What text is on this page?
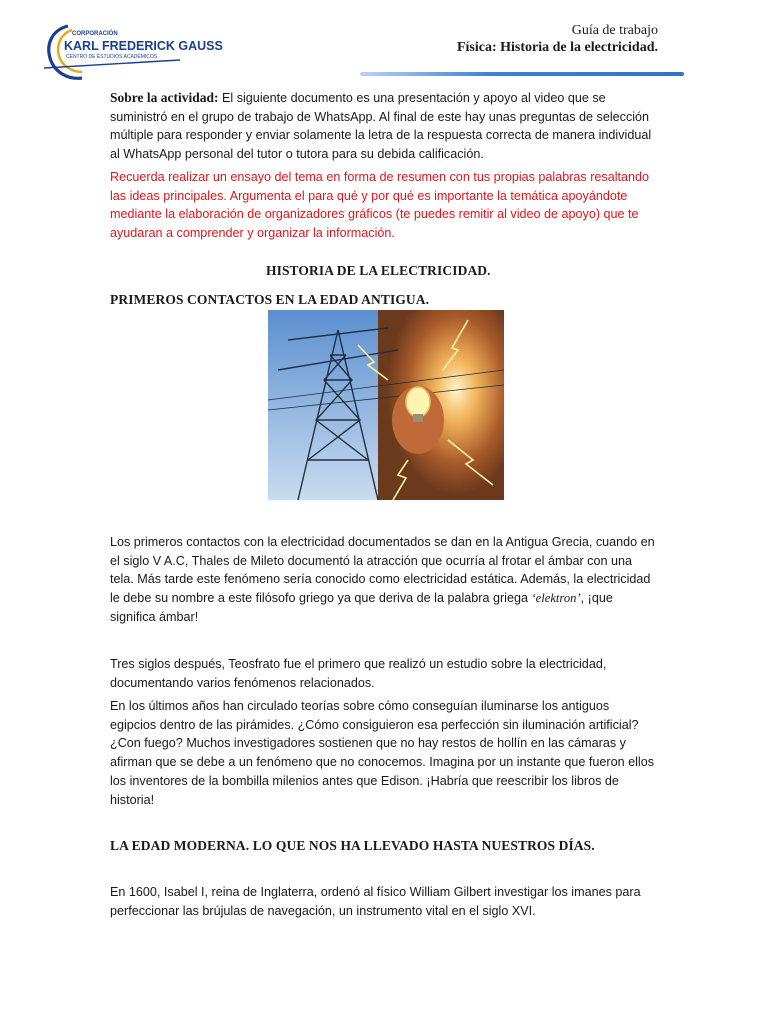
CORPORACIÓN
KARL FREDERICK GAUSS
CENTRO DE ESTUDIOS ACADÉMICOS
Guía de trabajo
Física: Historia de la electricidad.
Sobre la actividad: El siguiente documento es una presentación y apoyo al video que se suministró en el grupo de trabajo de WhatsApp. Al final de este hay unas preguntas de selección múltiple para responder y enviar solamente la letra de la respuesta correcta de manera individual al WhatsApp personal del tutor o tutora para su debida calificación.
Recuerda realizar un ensayo del tema en forma de resumen con tus propias palabras resaltando las ideas principales. Argumenta el para qué y por qué es importante la temática apoyándote mediante la elaboración de organizadores gráficos (te puedes remitir al video de apoyo) que te ayudaran a comprender y organizar la información.
HISTORIA DE LA ELECTRICIDAD.
PRIMEROS CONTACTOS EN LA EDAD ANTIGUA.
Los primeros contactos con la electricidad documentados se dan en la Antigua Grecia, cuando en el siglo V A.C, Thales de Mileto documentó la atracción que ocurría al frotar el ámbar con una tela. Más tarde este fenómeno sería conocido como electricidad estática. Además, la electricidad le debe su nombre a este filósofo griego ya que deriva de la palabra griega ‘elektron’, ¡que significa ámbar!
Tres siglos después, Teosfrato fue el primero que realizó un estudio sobre la electricidad, documentando varios fenómenos relacionados.
En los últimos años han circulado teorías sobre cómo conseguían iluminarse los antiguos egipcios dentro de las pirámides. ¿Cómo consiguieron esa perfección sin iluminación artificial? ¿Con fuego? Muchos investigadores sostienen que no hay restos de hollín en las cámaras y afirman que se debe a un fenómeno que no conocemos. Imagina por un instante que fueron ellos los inventores de la bombilla milenios antes que Edison. ¡Habría que reescribir los libros de historia!
LA EDAD MODERNA. LO QUE NOS HA LLEVADO HASTA NUESTROS DÍAS.
En 1600, Isabel I, reina de Inglaterra, ordenó al físico William Gilbert investigar los imanes para perfeccionar las brújulas de navegación, un instrumento vital en el siglo XVI.
